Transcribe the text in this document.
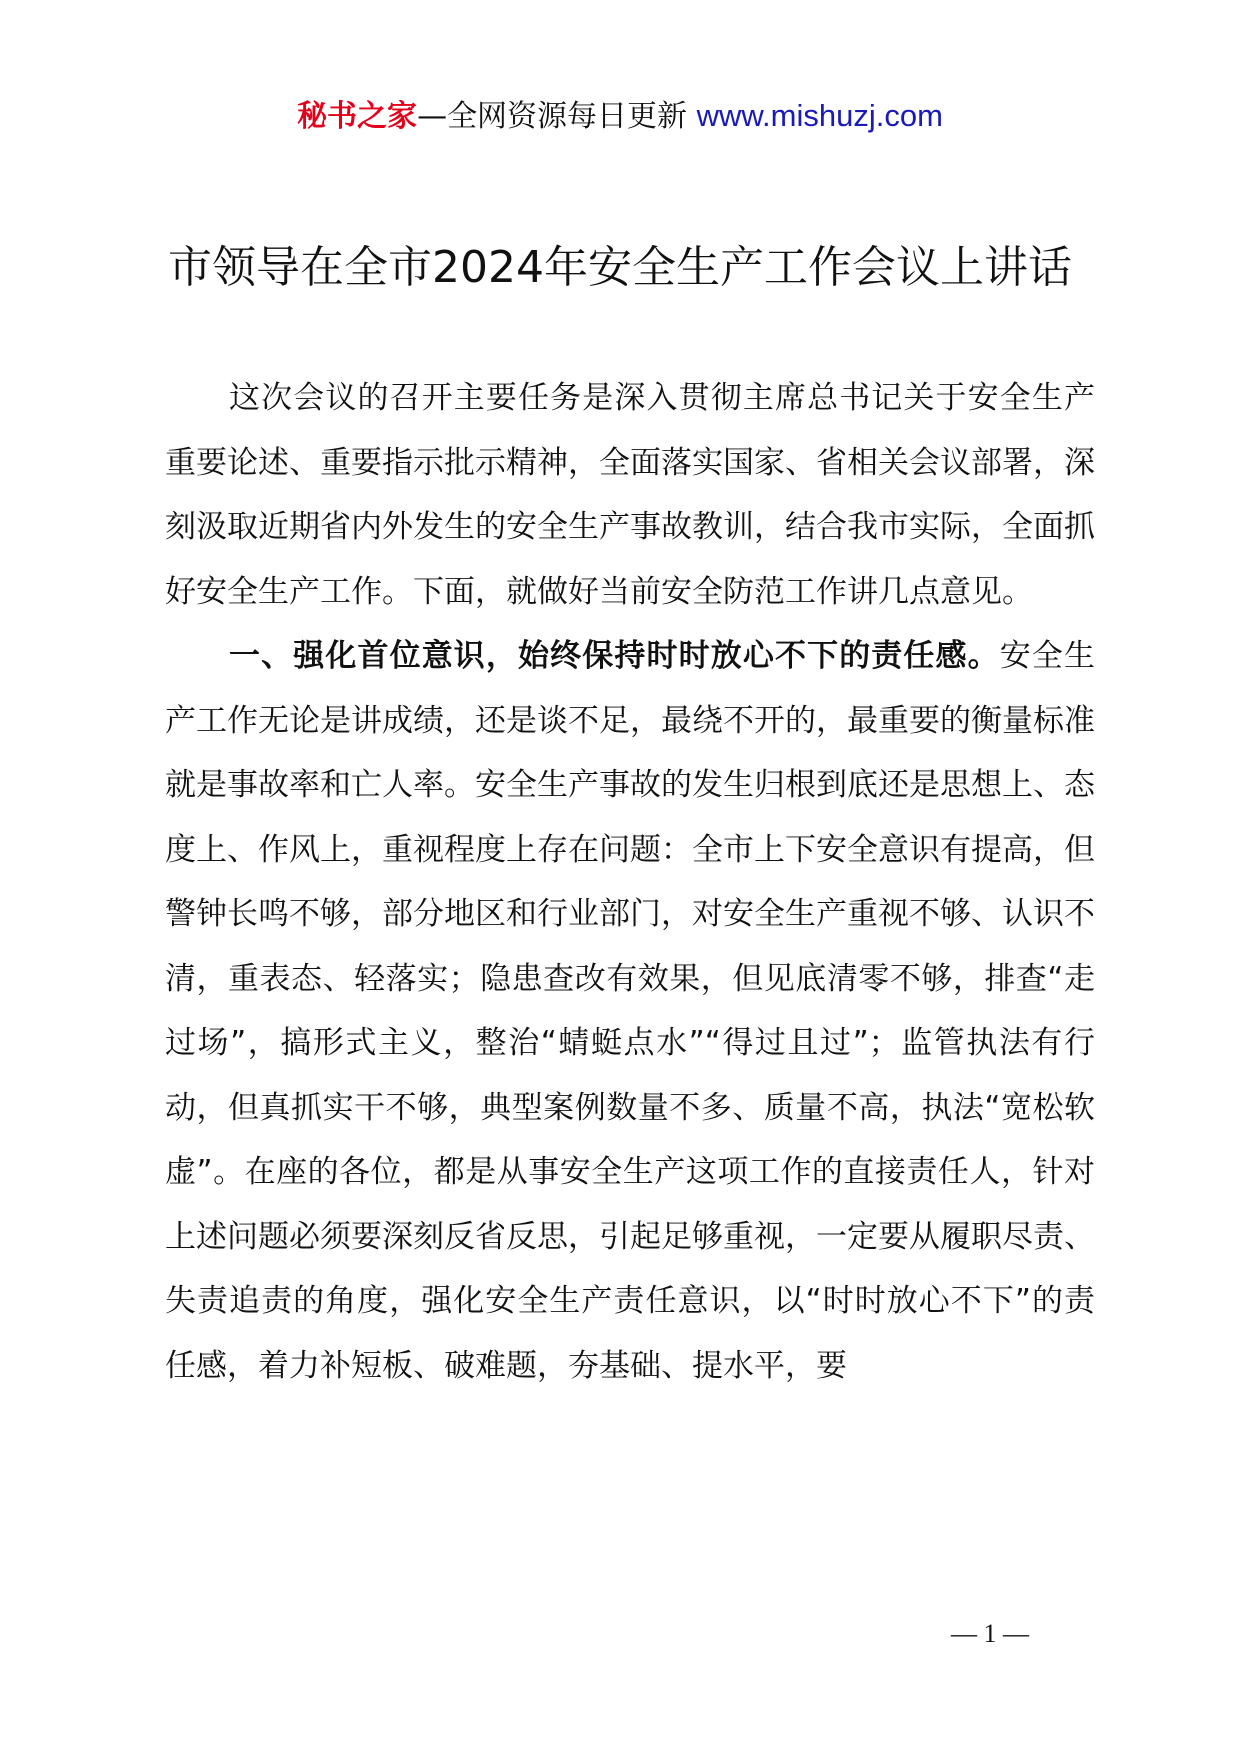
秘书之家—全网资源每日更新 www.mishuzj.com
市领导在全市2024年安全生产工作会议上讲话

这次会议的召开主要任务是深入贯彻主席总书记关于安全生产重要论述、重要指示批示精神，全面落实国家、省相关会议部署，深刻汲取近期省内外发生的安全生产事故教训，结合我市实际，全面抓好安全生产工作。下面，就做好当前安全防范工作讲几点意见。

一、强化首位意识，始终保持时时放心不下的责任感。安全生产工作无论是讲成绩，还是谈不足，最绕不开的，最重要的衡量标准就是事故率和亡人率。安全生产事故的发生归根到底还是思想上、态度上、作风上，重视程度上存在问题：全市上下安全意识有提高，但警钟长鸣不够，部分地区和行业部门，对安全生产重视不够、认识不清，重表态、轻落实；隐患查改有效果，但见底清零不够，排查“走过场”，搞形式主义，整治“蜻蜓点水”“得过且过”；监管执法有行动，但真抓实干不够，典型案例数量不多、质量不高，执法“宽松软虚”。在座的各位，都是从事安全生产这项工作的直接责任人，针对上述问题必须要深刻反省反思，引起足够重视，一定要从履职尽责、失责追责的角度，强化安全生产责任意识，以“时时放心不下”的责任感，着力补短板、破难题，夯基础、提水平，要

— 1 —
